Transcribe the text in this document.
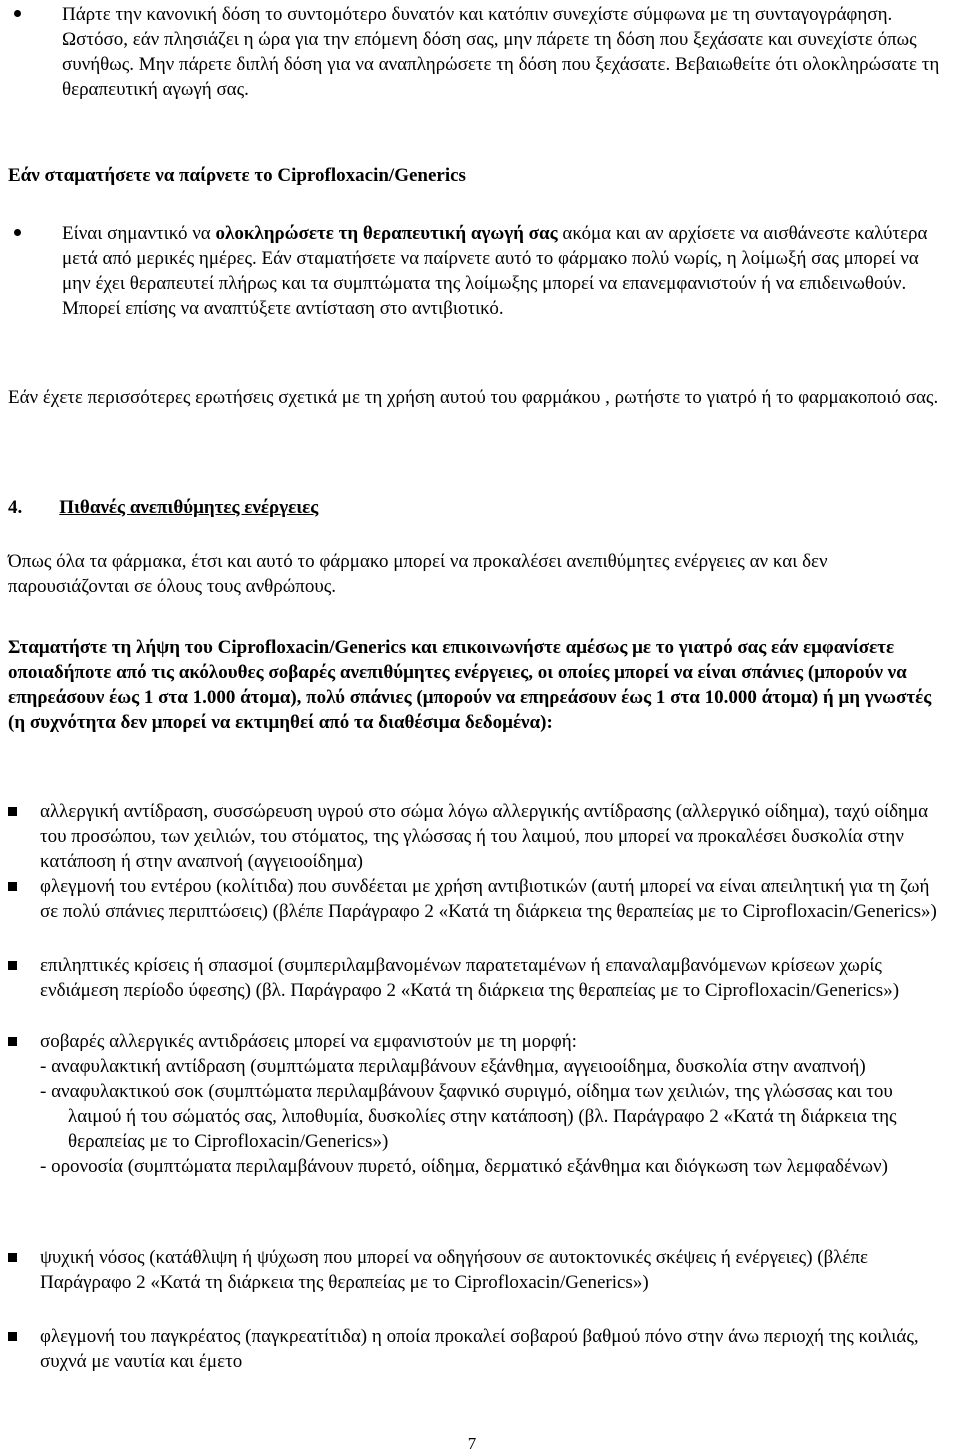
Πάρτε την κανονική δόση το συντομότερο δυνατόν και κατόπιν συνεχίστε σύμφωνα με τη συνταγογράφηση. Ωστόσο, εάν πλησιάζει η ώρα για την επόμενη δόση σας, μην πάρετε τη δόση που ξεχάσατε και συνεχίστε όπως συνήθως. Μην πάρετε διπλή δόση για να αναπληρώσετε τη δόση που ξεχάσατε. Βεβαιωθείτε ότι ολοκληρώσατε τη θεραπευτική αγωγή σας.

Εάν σταματήσετε να παίρνετε το Ciprofloxacin/Generics

Είναι σημαντικό να ολοκληρώσετε τη θεραπευτική αγωγή σας ακόμα και αν αρχίσετε να αισθάνεστε καλύτερα μετά από μερικές ημέρες. Εάν σταματήσετε να παίρνετε αυτό το φάρμακο πολύ νωρίς, η λοίμωξή σας μπορεί να μην έχει θεραπευτεί πλήρως και τα συμπτώματα της λοίμωξης μπορεί να επανεμφανιστούν ή να επιδεινωθούν. Μπορεί επίσης να αναπτύξετε αντίσταση στο αντιβιοτικό.

Εάν έχετε περισσότερες ερωτήσεις σχετικά με τη χρήση αυτού του φαρμάκου , ρωτήστε το γιατρό ή το φαρμακοποιό σας.

4. Πιθανές ανεπιθύμητες ενέργειες

Όπως όλα τα φάρμακα, έτσι και αυτό το φάρμακο μπορεί να προκαλέσει ανεπιθύμητες ενέργειες αν και δεν παρουσιάζονται σε όλους τους ανθρώπους.

Σταματήστε τη λήψη του Ciprofloxacin/Generics και επικοινωνήστε αμέσως με το γιατρό σας εάν εμφανίσετε οποιαδήποτε από τις ακόλουθες σοβαρές ανεπιθύμητες ενέργειες, οι οποίες μπορεί να είναι σπάνιες (μπορούν να επηρεάσουν έως 1 στα 1.000 άτομα), πολύ σπάνιες (μπορούν να επηρεάσουν έως 1 στα 10.000 άτομα) ή μη γνωστές (η συχνότητα δεν μπορεί να εκτιμηθεί από τα διαθέσιμα δεδομένα):

αλλεργική αντίδραση, συσσώρευση υγρού στο σώμα λόγω αλλεργικής αντίδρασης (αλλεργικό οίδημα), ταχύ οίδημα του προσώπου, των χειλιών, του στόματος, της γλώσσας ή του λαιμού, που μπορεί να προκαλέσει δυσκολία στην κατάποση ή στην αναπνοή (αγγειοοίδημα)
φλεγμονή του εντέρου (κολίτιδα) που συνδέεται με χρήση αντιβιοτικών (αυτή μπορεί να είναι απειλητική για τη ζωή σε πολύ σπάνιες περιπτώσεις) (βλέπε Παράγραφο 2 «Κατά τη διάρκεια της θεραπείας με το Ciprofloxacin/Generics»)
επιληπτικές κρίσεις ή σπασμοί (συμπεριλαμβανομένων παρατεταμένων ή επαναλαμβανόμενων κρίσεων χωρίς ενδιάμεση περίοδο ύφεσης) (βλ. Παράγραφο 2 «Κατά τη διάρκεια της θεραπείας με το Ciprofloxacin/Generics»)
σοβαρές αλλεργικές αντιδράσεις μπορεί να εμφανιστούν με τη μορφή:
- αναφυλακτική αντίδραση (συμπτώματα περιλαμβάνουν εξάνθημα, αγγειοοίδημα, δυσκολία στην αναπνοή)
- αναφυλακτικού σοκ (συμπτώματα περιλαμβάνουν ξαφνικό συριγμό, οίδημα των χειλιών, της γλώσσας και του λαιμού ή του σώματός σας, λιποθυμία, δυσκολίες στην κατάποση) (βλ. Παράγραφο 2 «Κατά τη διάρκεια της θεραπείας με το Ciprofloxacin/Generics»)
- ορονοσία (συμπτώματα περιλαμβάνουν πυρετό, οίδημα, δερματικό εξάνθημα και διόγκωση των λεμφαδένων)
ψυχική νόσος (κατάθλιψη ή ψύχωση που μπορεί να οδηγήσουν σε αυτοκτονικές σκέψεις ή ενέργειες) (βλέπε Παράγραφο 2 «Κατά τη διάρκεια της θεραπείας με το Ciprofloxacin/Generics»)
φλεγμονή του παγκρέατος (παγκρεατίτιδα) η οποία προκαλεί σοβαρού βαθμού πόνο στην άνω περιοχή της κοιλιάς, συχνά με ναυτία και έμετο
7
